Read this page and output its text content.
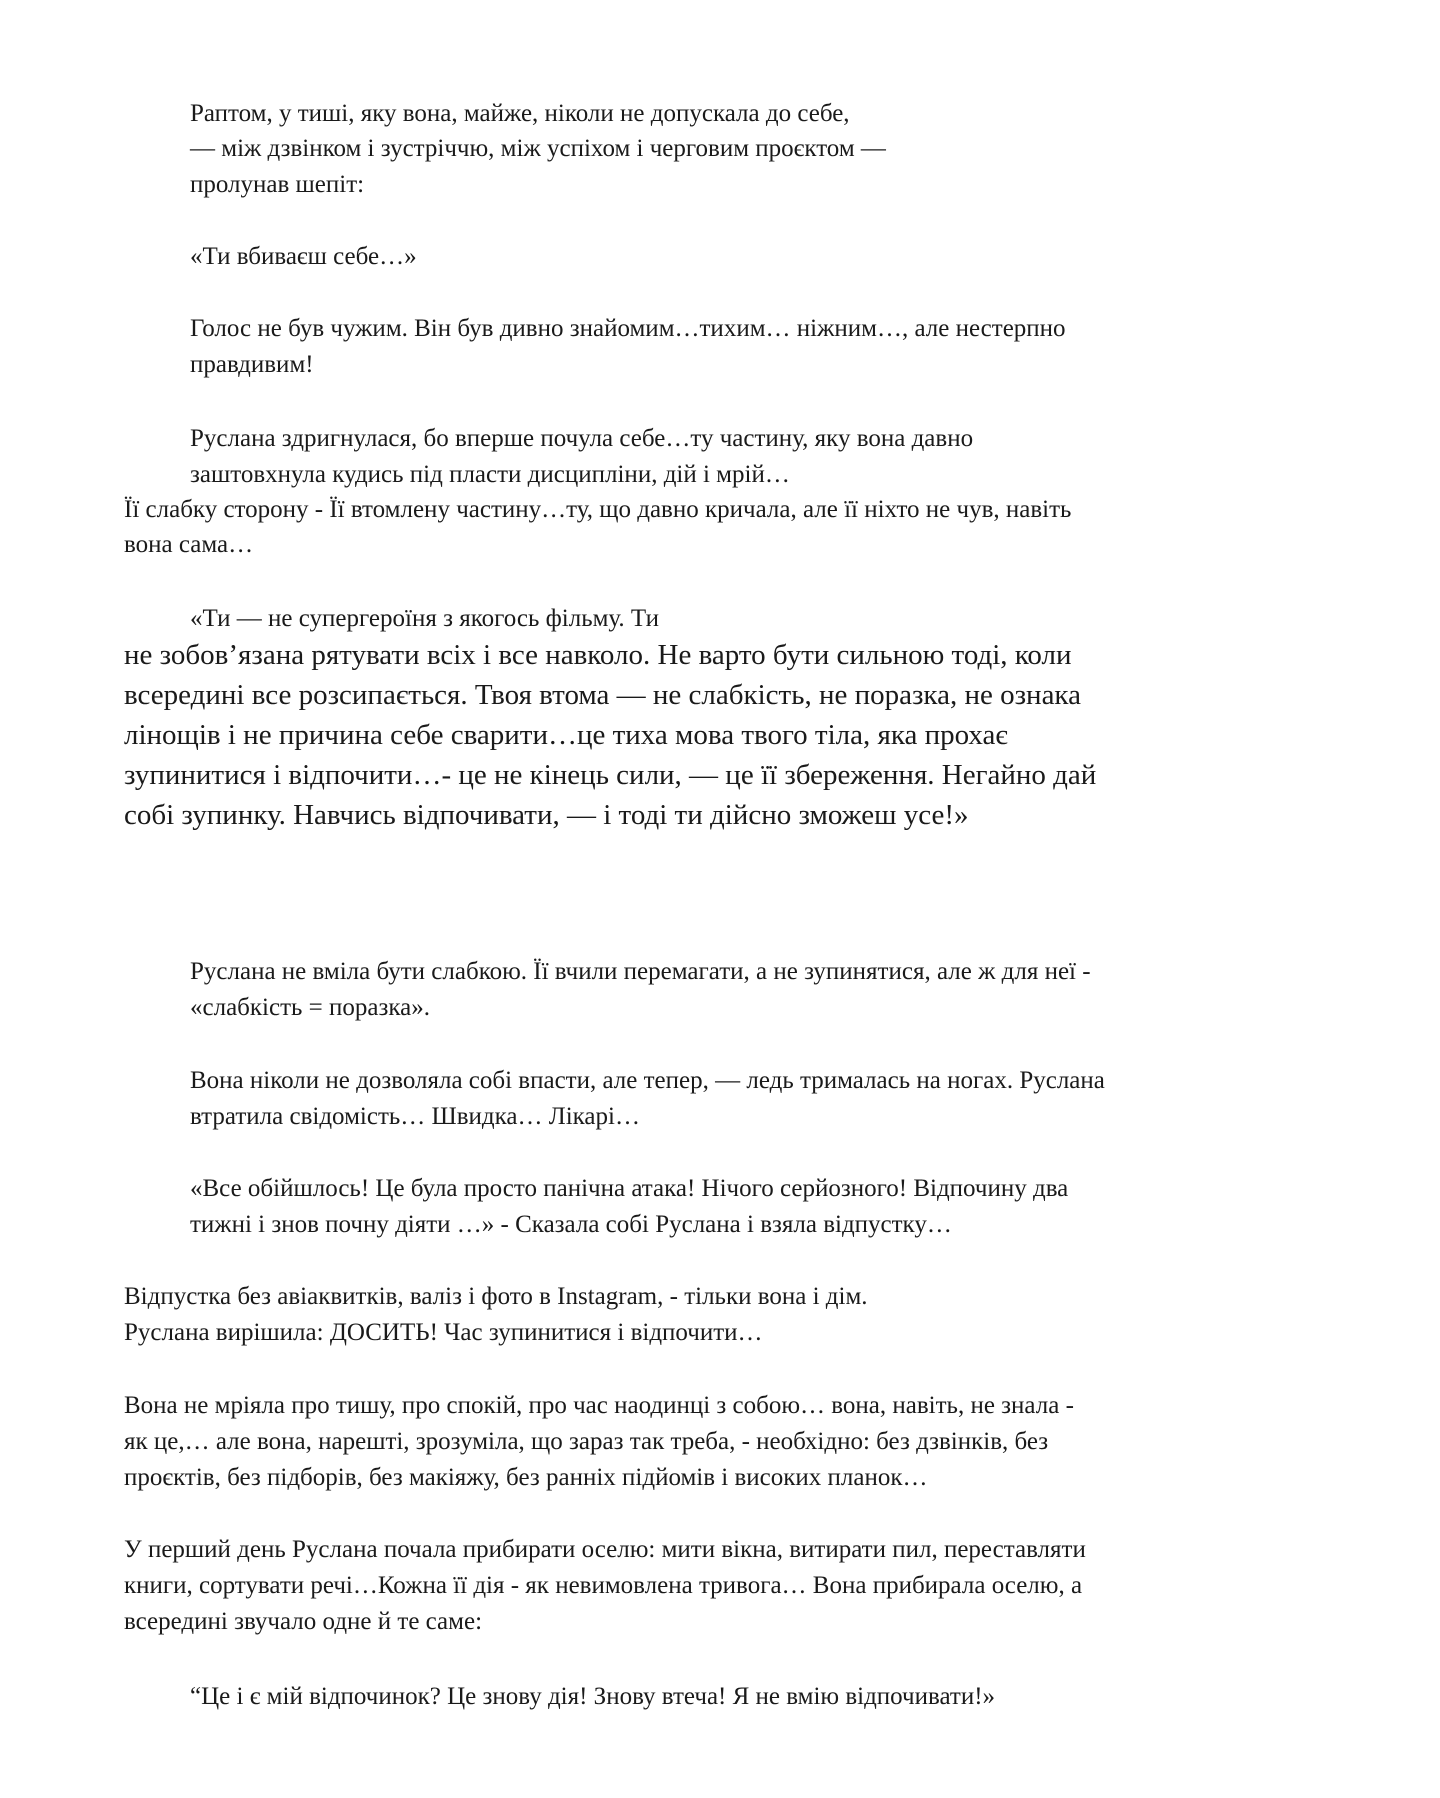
Раптом, у тиші, яку вона, майже, ніколи не допускала до себе,
— між дзвінком і зустріччю, між успіхом і черговим проєктом —
пролунав шепіт:
«Ти вбиваєш себе…»
Голос не був чужим. Він був дивно знайомим…тихим… ніжним…, але нестерпно
правдивим!
Руслана здригнулася, бо вперше почула себе…ту частину, яку вона давно
заштовхнула кудись під пласти дисципліни, дій і мрій…
Її слабку сторону - Її втомлену частину…ту, що давно кричала, але її ніхто не чув, навіть
вона сама…
«Ти — не супергероїня з якогось фільму. Ти
не зобов’язана рятувати всіх і все навколо. Не варто бути сильною тоді, коли
всередині все розсипається. Твоя втома — не слабкість, не поразка, не ознака
лінощів і не причина себе сварити…це тиха мова твого тіла, яка прохає
зупинитися і відпочити…- це не кінець сили, — це її збереження. Негайно дай
собі зупинку. Навчись відпочивати, — і тоді ти дійсно зможеш усе!»
Руслана не вміла бути слабкою. Її вчили перемагати, а не зупинятися, але ж для неї -
«слабкість = поразка».
Вона ніколи не дозволяла собі впасти, але тепер, — ледь трималась на ногах. Руслана
втратила свідомість… Швидка… Лікарі…
«Все обійшлось! Це була просто панічна атака! Нічого серйозного! Відпочину два
тижні і знов почну діяти …» - Сказала собі Руслана і взяла відпустку…
Відпустка без авіаквитків, валіз і фото в Instagram, - тільки вона і дім.
Руслана вирішила: ДОСИТЬ! Час зупинитися і відпочити…
Вона не мріяла про тишу, про спокій, про час наодинці з собою… вона, навіть, не знала -
як це,… але вона, нарешті, зрозуміла, що зараз так треба, - необхідно: без дзвінків, без
проєктів, без підборів, без макіяжу, без ранніх підйомів і високих планок…
У перший день Руслана почала прибирати оселю: мити вікна, витирати пил, переставляти
книги, сортувати речі…Кожна її дія - як невимовлена тривога… Вона прибирала оселю, а
всередині звучало одне й те саме:
“Це і є мій відпочинок? Це знову дія! Знову втеча! Я не вмію відпочивати!»
